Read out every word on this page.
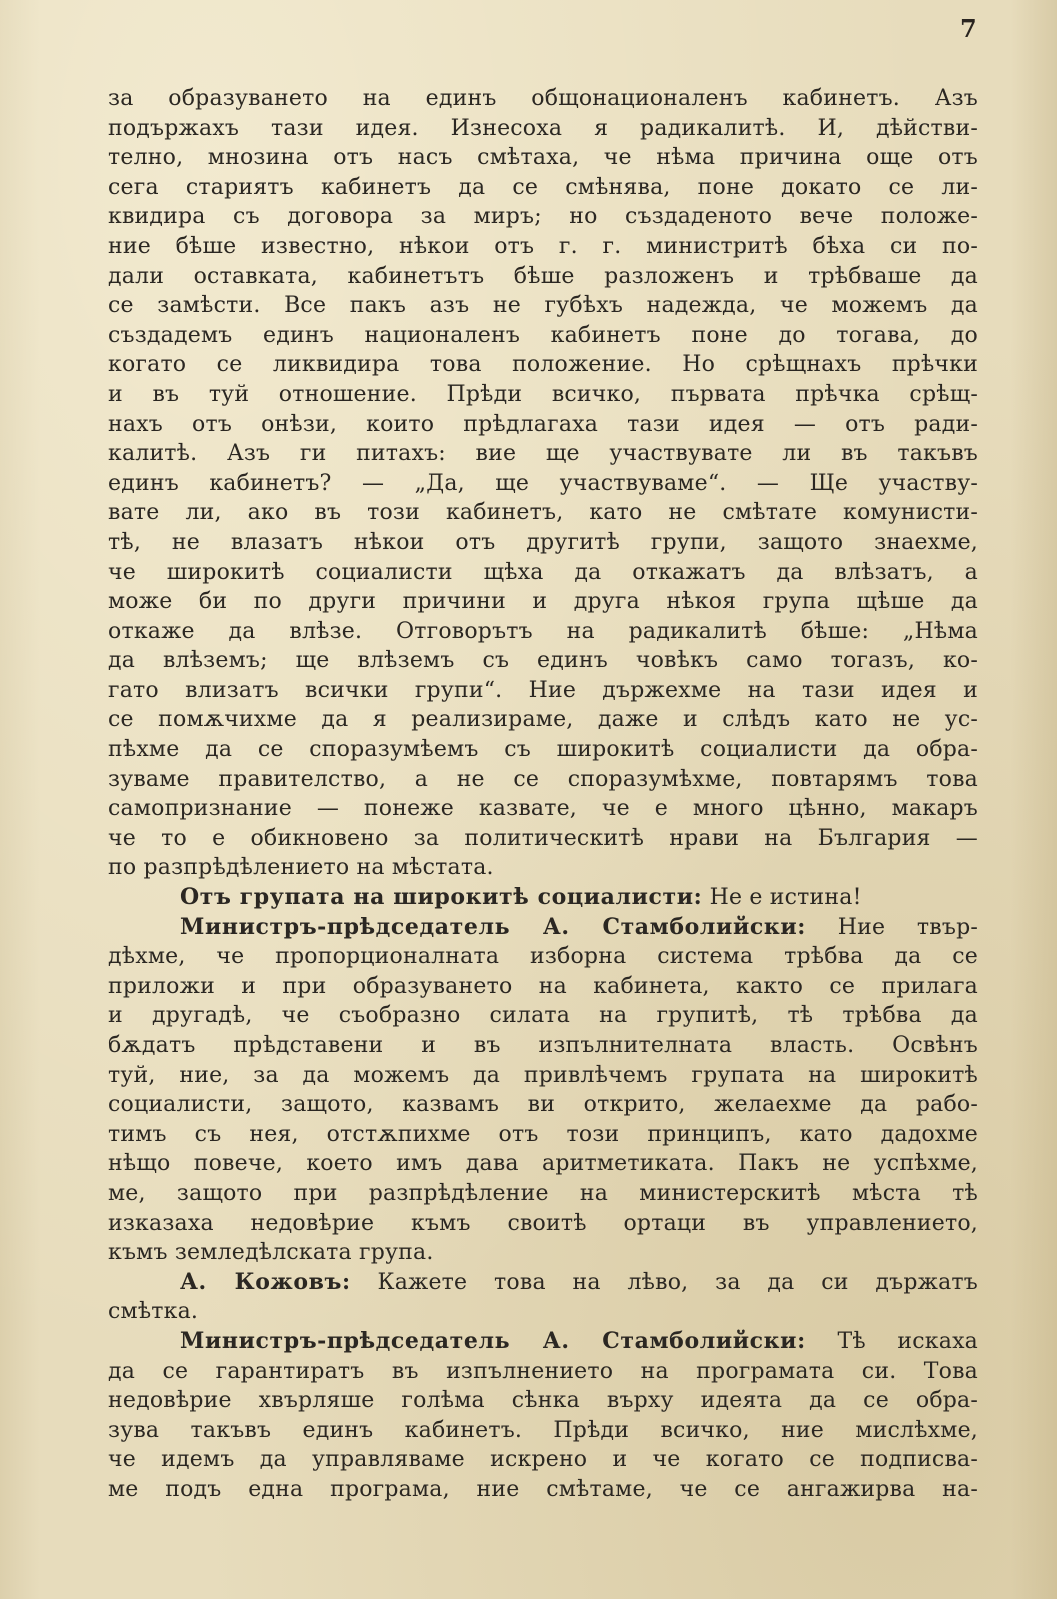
7
за образуването на единъ общонационаленъ кабинетъ. Азъ
подържахъ тази идея. Изнесоха я радикалитѣ. И, дѣйстви-
телно, мнозина отъ насъ смѣтаха, че нѣма причина още отъ
сега стариятъ кабинетъ да се смѣнява, поне докато се ли-
квидира съ договора за миръ; но създаденото вече положе-
ние бѣше известно, нѣкои отъ г. г. министритѣ бѣха си по-
дали оставката, кабинетътъ бѣше разложенъ и трѣбваше да
се замѣсти. Все пакъ азъ не губѣхъ надежда, че можемъ да
създадемъ единъ националенъ кабинетъ поне до тогава, до
когато се ликвидира това положение. Но срѣщнахъ прѣчки
и въ туй отношение. Прѣди всичко, първата прѣчка срѣщ-
нахъ отъ онѣзи, които прѣдлагаха тази идея — отъ ради-
калитѣ. Азъ ги питахъ: вие ще участвувате ли въ такъвъ
единъ кабинетъ? — „Да, ще участвуваме“. — Ще участву-
вате ли, ако въ този кабинетъ, като не смѣтате комунисти-
тѣ, не влазатъ нѣкои отъ другитѣ групи, защото знаехме,
че широкитѣ социалисти щѣха да откажатъ да влѣзатъ, а
може би по други причини и друга нѣкоя група щѣше да
откаже да влѣзе. Отговорътъ на радикалитѣ бѣше: „Нѣма
да влѣземъ; ще влѣземъ съ единъ човѣкъ само тогазъ, ко-
гато влизатъ всички групи“. Ние държехме на тази идея и
се помѫчихме да я реализираме, даже и слѣдъ като не ус-
пѣхме да се споразумѣемъ съ широкитѣ социалисти да обра-
зуваме правителство, а не се споразумѣхме, повтарямъ това
самопризнание — понеже казвате, че е много цѣнно, макаръ
че то е обикновено за политическитѣ нрави на България —
по разпрѣдѣлението на мѣстата.
Отъ групата на широкитѣ социалисти: Не е истина!
Министръ-прѣдседатель А. Стамболийски: Ние твър-
дѣхме, че пропорционалната изборна система трѣбва да се
приложи и при образуването на кабинета, както се прилага
и другадѣ, че съобразно силата на групитѣ, тѣ трѣбва да
бѫдатъ прѣдставени и въ изпълнителната власть. Освѣнъ
туй, ние, за да можемъ да привлѣчемъ групата на широкитѣ
социалисти, защото, казвамъ ви открито, желаехме да рабо-
тимъ съ нея, отстѫпихме отъ този принципъ, като дадохме
нѣщо повече, което имъ дава аритметиката. Пакъ не успѣхме,
ме, защото при разпрѣдѣление на министерскитѣ мѣста тѣ
изказаха недовѣрие къмъ своитѣ ортаци въ управлението,
къмъ земледѣлската група.
А. Кожовъ: Кажете това на лѣво, за да си държатъ
смѣтка.
Министръ-прѣдседатель А. Стамболийски: Тѣ искаха
да се гарантиратъ въ изпълнението на програмата си. Това
недовѣрие хвърляше голѣма сѣнка върху идеята да се обра-
зува такъвъ единъ кабинетъ. Прѣди всичко, ние мислѣхме,
че идемъ да управляваме искрено и че когато се подписва-
ме подъ една програма, ние смѣтаме, че се ангажирва на-
